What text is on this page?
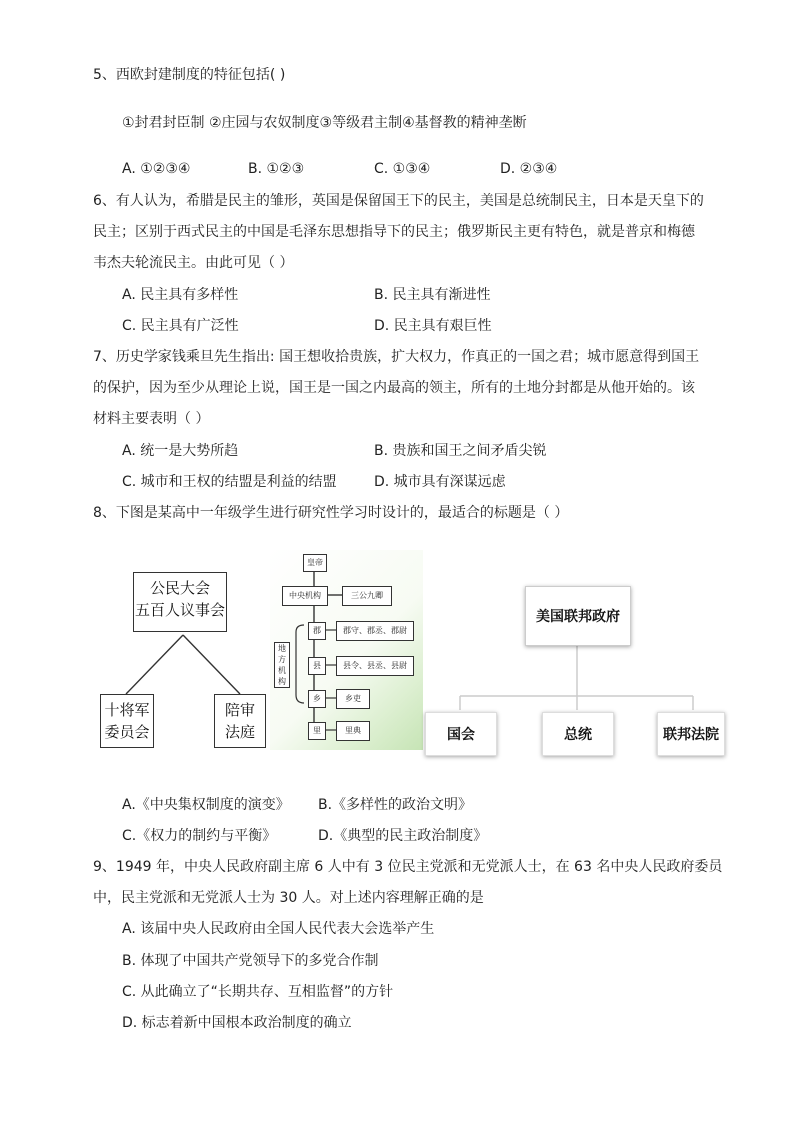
5、西欧封建制度的特征包括( )
①封君封臣制 ②庄园与农奴制度③等级君主制④基督教的精神垄断
A. ①②③④	B. ①②③	C. ①③④	D. ②③④
6、有人认为，希腊是民主的雏形，英国是保留国王下的民主，美国是总统制民主，日本是天皇下的
民主；区别于西式民主的中国是毛泽东思想指导下的民主；俄罗斯民主更有特色，就是普京和梅德
韦杰夫轮流民主。由此可见（ ）
A. 民主具有多样性	B. 民主具有渐进性
C. 民主具有广泛性	D. 民主具有艰巨性
7、历史学家钱乘旦先生指出: 国王想收拾贵族，扩大权力，作真正的一国之君；城市愿意得到国王
的保护，因为至少从理论上说，国王是一国之内最高的领主，所有的土地分封都是从他开始的。该
材料主要表明（ ）
A. 统一是大势所趋	B. 贵族和国王之间矛盾尖锐
C. 城市和王权的结盟是利益的结盟	D. 城市具有深谋远虑
8、下图是某高中一年级学生进行研究性学习时设计的，最适合的标题是（ ）
公民大会
五百人议事会
十将军
委员会
陪审
法庭
皇帝
中央机构	三公九卿
地方机构
郡	郡守、郡丞、郡尉
县	县令、县丞、县尉
乡	乡吏
里	里典
美国联邦政府
国会	总统	联邦法院
A.《中央集权制度的演变》 B.《多样性的政治文明》
C.《权力的制约与平衡》	D.《典型的民主政治制度》
9、1949 年，中央人民政府副主席 6 人中有 3 位民主党派和无党派人士，在 63 名中央人民政府委员
中，民主党派和无党派人士为 30 人。对上述内容理解正确的是
A. 该届中央人民政府由全国人民代表大会选举产生
B. 体现了中国共产党领导下的多党合作制
C. 从此确立了“长期共存、互相监督”的方针
D. 标志着新中国根本政治制度的确立
